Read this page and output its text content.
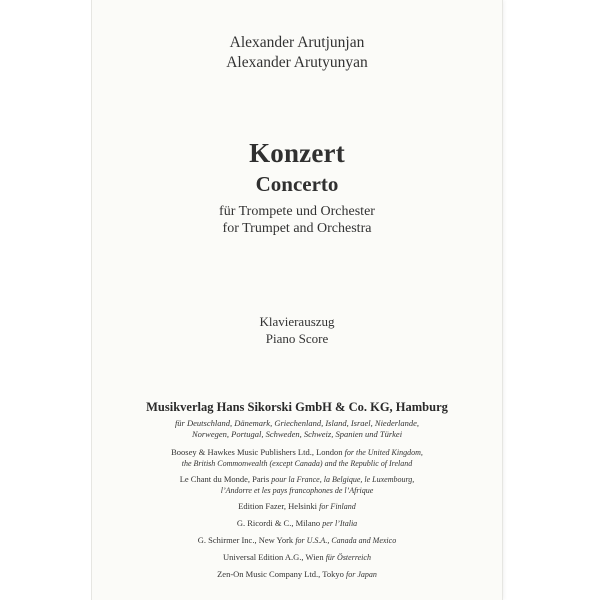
Alexander Arutjunjan
Alexander Arutyunyan
Konzert
Concerto
für Trompete und Orchester
for Trumpet and Orchestra
Klavierauszug
Piano Score
Musikverlag Hans Sikorski GmbH & Co. KG, Hamburg
für Deutschland, Dänemark, Griechenland, Island, Israel, Niederlande,
Norwegen, Portugal, Schweden, Schweiz, Spanien und Türkei
Boosey & Hawkes Music Publishers Ltd., London for the United Kingdom,
the British Commonwealth (except Canada) and the Republic of Ireland
Le Chant du Monde, Paris pour la France, la Belgique, le Luxembourg,
l’Andorre et les pays francophones de l’Afrique
Edition Fazer, Helsinki for Finland
G. Ricordi & C., Milano per l’Italia
G. Schirmer Inc., New York for U.S.A., Canada and Mexico
Universal Edition A.G., Wien für Österreich
Zen-On Music Company Ltd., Tokyo for Japan
